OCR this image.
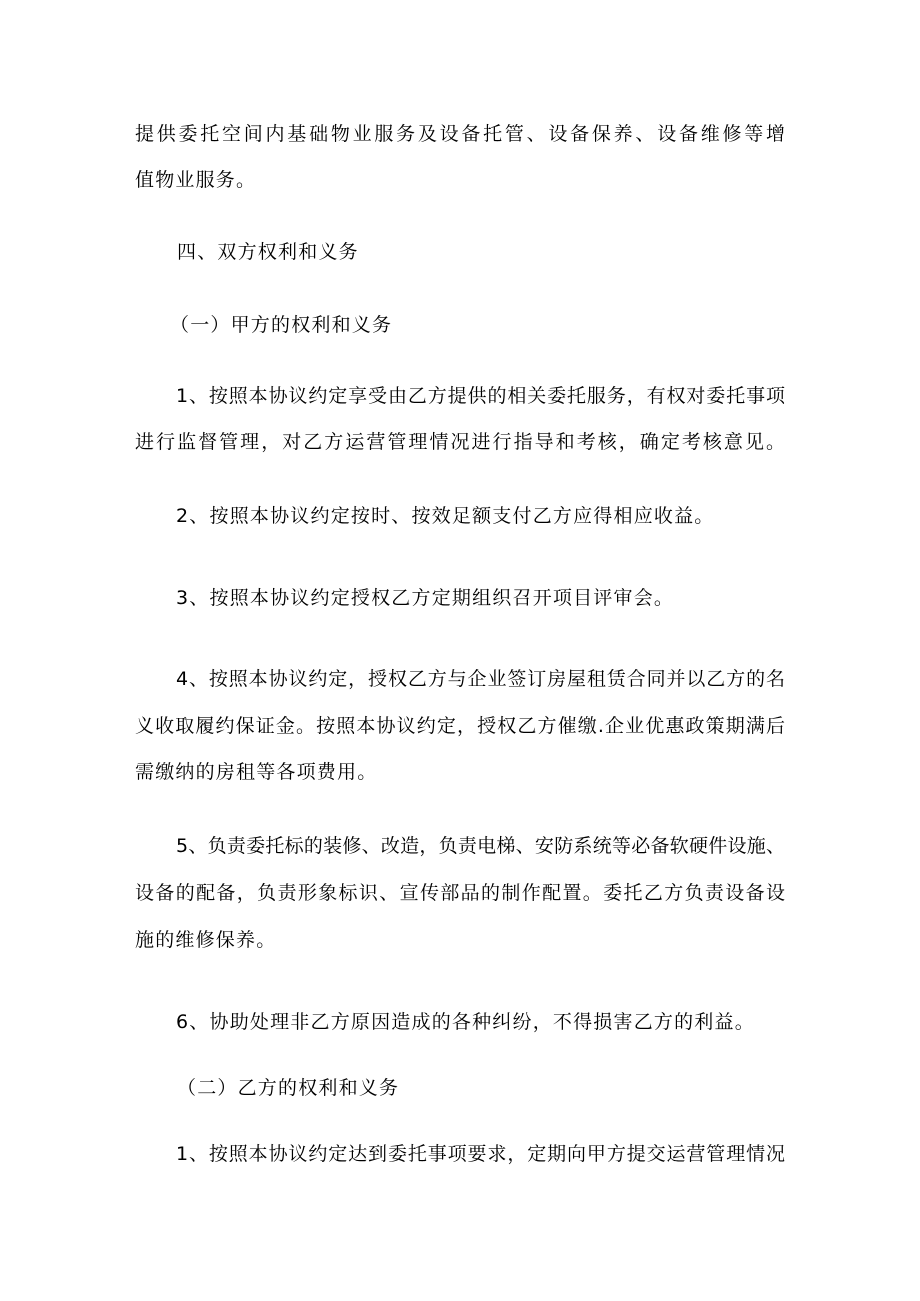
提供委托空间内基础物业服务及设备托管、设备保养、设备维修等增

值物业服务。

四、双方权利和义务

（一）甲方的权利和义务

1、按照本协议约定享受由乙方提供的相关委托服务，有权对委托事项

进行监督管理，对乙方运营管理情况进行指导和考核，确定考核意见。

2、按照本协议约定按时、按效足额支付乙方应得相应收益。

3、按照本协议约定授权乙方定期组织召开项目评审会。

4、按照本协议约定，授权乙方与企业签订房屋租赁合同并以乙方的名

义收取履约保证金。按照本协议约定，授权乙方催缴.企业优惠政策期满后

需缴纳的房租等各项费用。

5、负责委托标的装修、改造，负责电梯、安防系统等必备软硬件设施、

设备的配备，负责形象标识、宣传部品的制作配置。委托乙方负责设备设

施的维修保养。

6、协助处理非乙方原因造成的各种纠纷，不得损害乙方的利益。

（二）乙方的权利和义务

1、按照本协议约定达到委托事项要求，定期向甲方提交运营管理情况
